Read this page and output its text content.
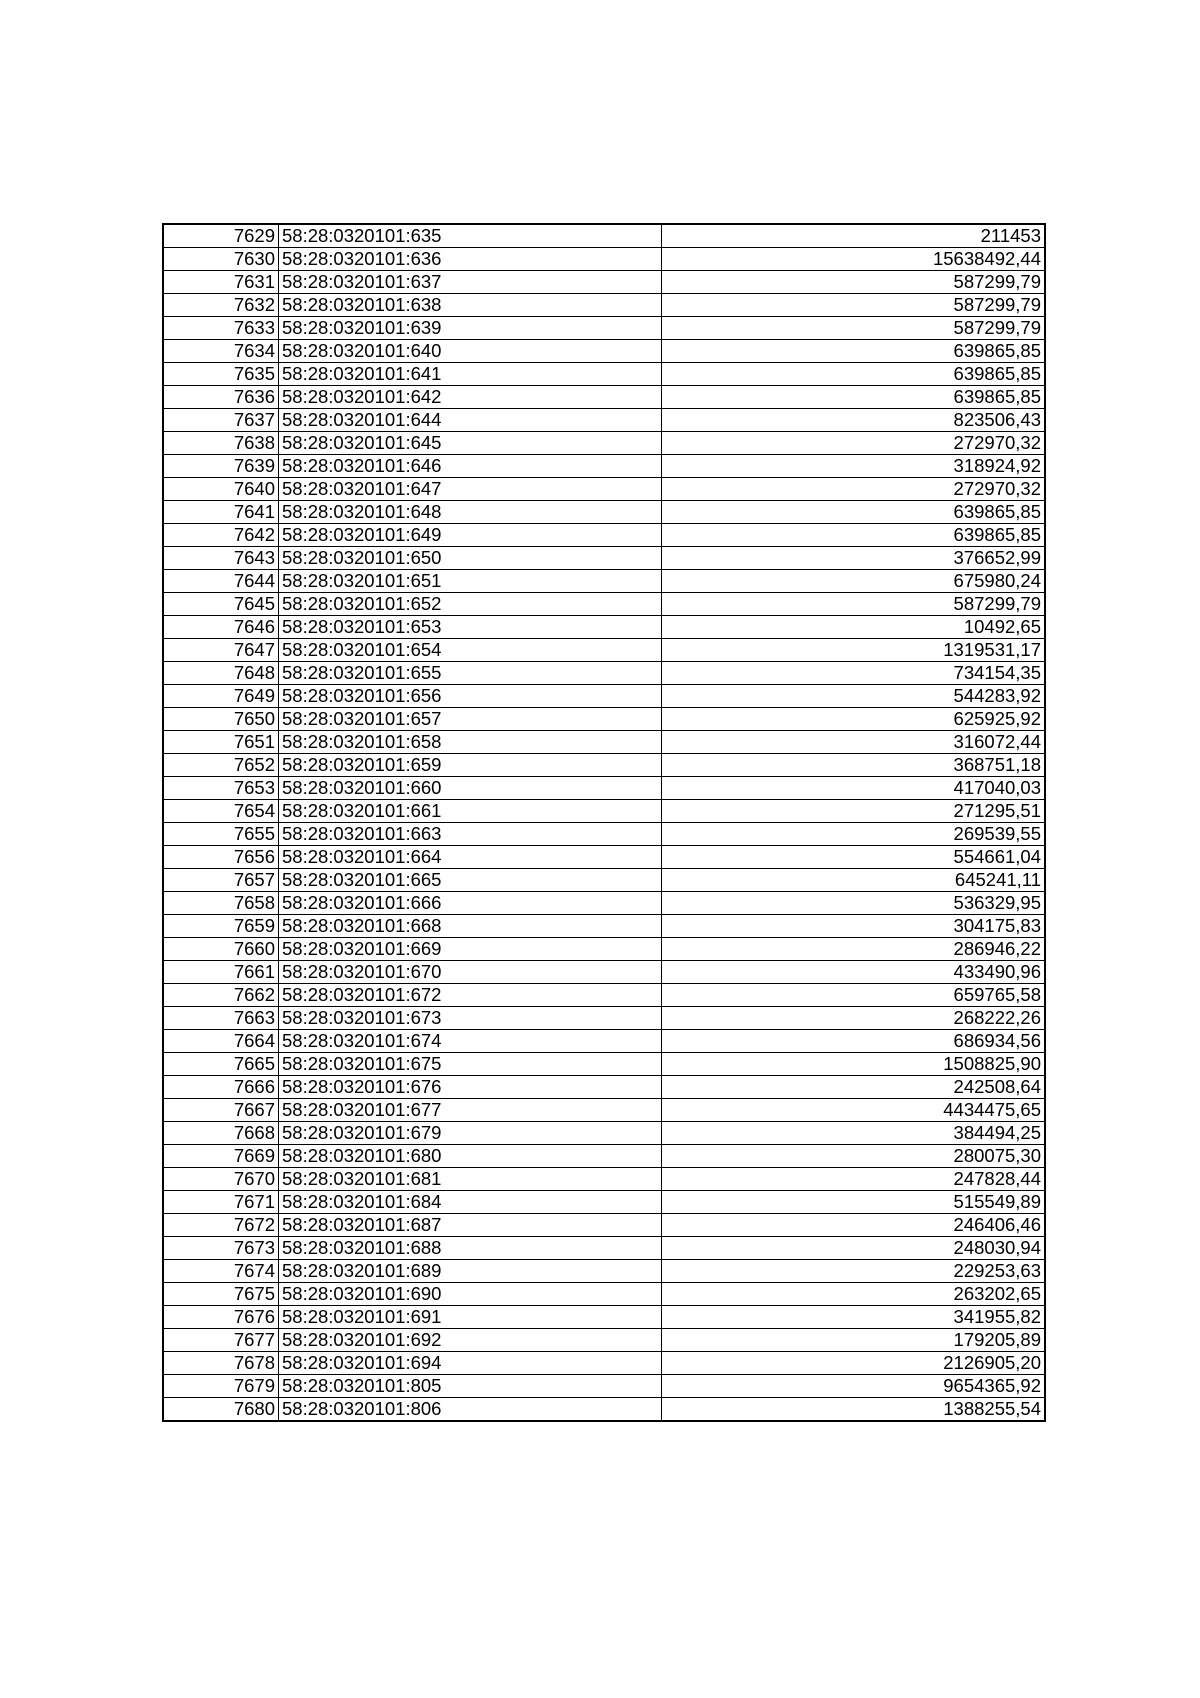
7629	58:28:0320101:635	211453
7630	58:28:0320101:636	15638492,44
7631	58:28:0320101:637	587299,79
7632	58:28:0320101:638	587299,79
7633	58:28:0320101:639	587299,79
7634	58:28:0320101:640	639865,85
7635	58:28:0320101:641	639865,85
7636	58:28:0320101:642	639865,85
7637	58:28:0320101:644	823506,43
7638	58:28:0320101:645	272970,32
7639	58:28:0320101:646	318924,92
7640	58:28:0320101:647	272970,32
7641	58:28:0320101:648	639865,85
7642	58:28:0320101:649	639865,85
7643	58:28:0320101:650	376652,99
7644	58:28:0320101:651	675980,24
7645	58:28:0320101:652	587299,79
7646	58:28:0320101:653	10492,65
7647	58:28:0320101:654	1319531,17
7648	58:28:0320101:655	734154,35
7649	58:28:0320101:656	544283,92
7650	58:28:0320101:657	625925,92
7651	58:28:0320101:658	316072,44
7652	58:28:0320101:659	368751,18
7653	58:28:0320101:660	417040,03
7654	58:28:0320101:661	271295,51
7655	58:28:0320101:663	269539,55
7656	58:28:0320101:664	554661,04
7657	58:28:0320101:665	645241,11
7658	58:28:0320101:666	536329,95
7659	58:28:0320101:668	304175,83
7660	58:28:0320101:669	286946,22
7661	58:28:0320101:670	433490,96
7662	58:28:0320101:672	659765,58
7663	58:28:0320101:673	268222,26
7664	58:28:0320101:674	686934,56
7665	58:28:0320101:675	1508825,90
7666	58:28:0320101:676	242508,64
7667	58:28:0320101:677	4434475,65
7668	58:28:0320101:679	384494,25
7669	58:28:0320101:680	280075,30
7670	58:28:0320101:681	247828,44
7671	58:28:0320101:684	515549,89
7672	58:28:0320101:687	246406,46
7673	58:28:0320101:688	248030,94
7674	58:28:0320101:689	229253,63
7675	58:28:0320101:690	263202,65
7676	58:28:0320101:691	341955,82
7677	58:28:0320101:692	179205,89
7678	58:28:0320101:694	2126905,20
7679	58:28:0320101:805	9654365,92
7680	58:28:0320101:806	1388255,54
